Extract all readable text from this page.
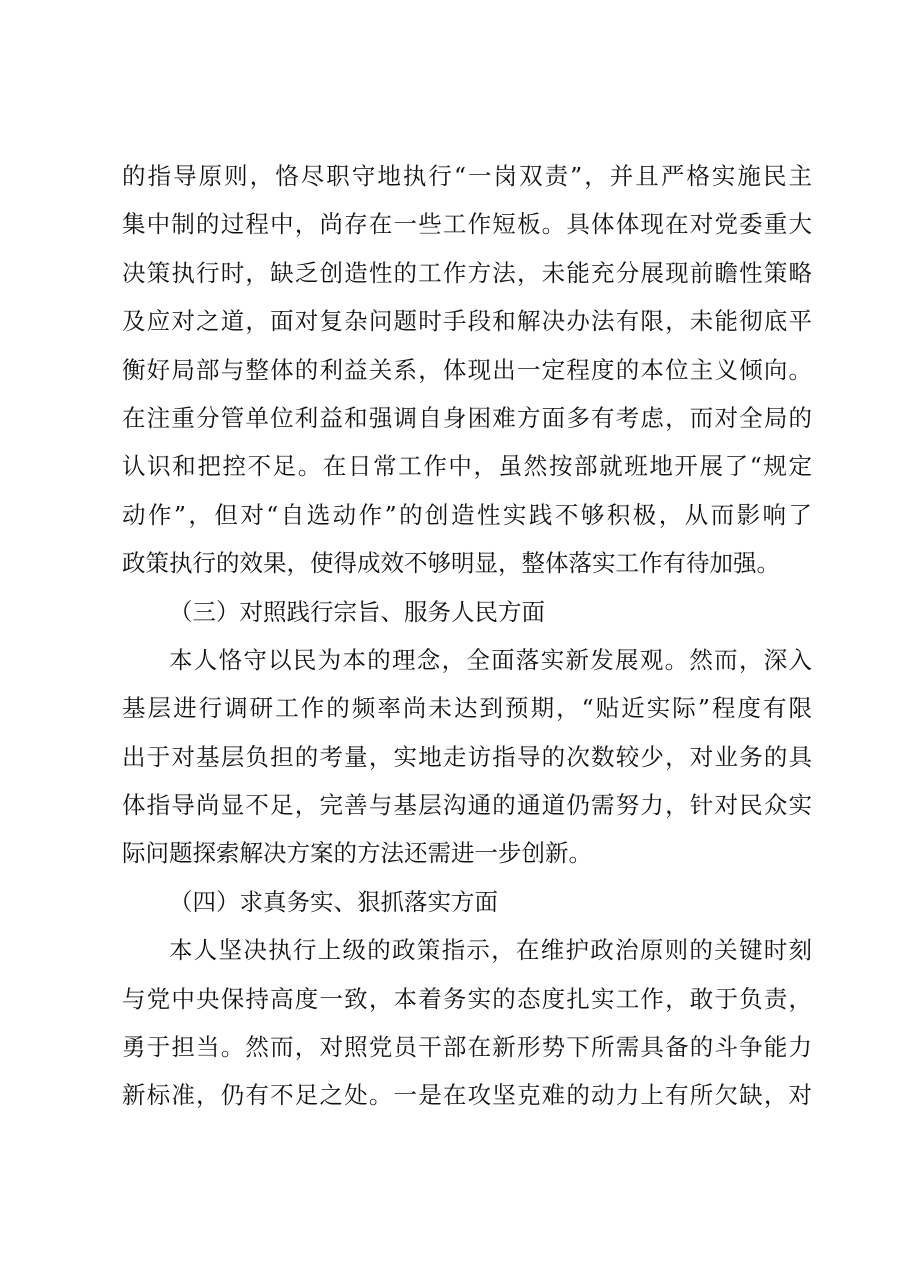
的指导原则，恪尽职守地执行“一岗双责”，并且严格实施民主
集中制的过程中，尚存在一些工作短板。具体体现在对党委重大
决策执行时，缺乏创造性的工作方法，未能充分展现前瞻性策略
及应对之道，面对复杂问题时手段和解决办法有限，未能彻底平
衡好局部与整体的利益关系，体现出一定程度的本位主义倾向。
在注重分管单位利益和强调自身困难方面多有考虑，而对全局的
认识和把控不足。在日常工作中，虽然按部就班地开展了“规定
动作”，但对“自选动作”的创造性实践不够积极，从而影响了
政策执行的效果，使得成效不够明显，整体落实工作有待加强。
（三）对照践行宗旨、服务人民方面
本人恪守以民为本的理念，全面落实新发展观。然而，深入
基层进行调研工作的频率尚未达到预期，“贴近实际”程度有限
出于对基层负担的考量，实地走访指导的次数较少，对业务的具
体指导尚显不足，完善与基层沟通的通道仍需努力，针对民众实
际问题探索解决方案的方法还需进一步创新。
（四）求真务实、狠抓落实方面
本人坚决执行上级的政策指示，在维护政治原则的关键时刻
与党中央保持高度一致，本着务实的态度扎实工作，敢于负责，
勇于担当。然而，对照党员干部在新形势下所需具备的斗争能力
新标准，仍有不足之处。一是在攻坚克难的动力上有所欠缺，对
